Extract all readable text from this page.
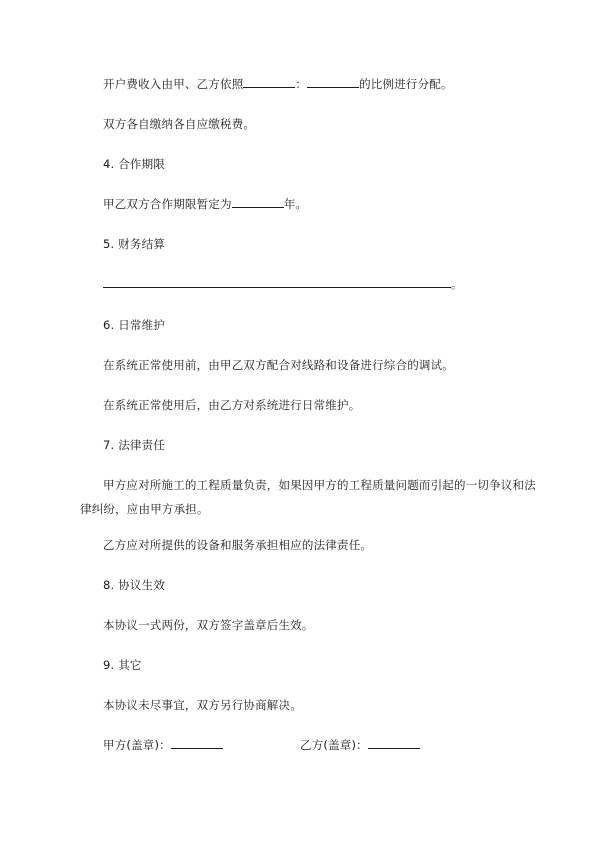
开户费收入由甲、乙方依照	：	的比例进行分配。
双方各自缴纳各自应缴税费。
4. 合作期限
甲乙双方合作期限暂定为	年。
5. 财务结算
。
6. 日常维护
在系统正常使用前，由甲乙双方配合对线路和设备进行综合的调试。
在系统正常使用后，由乙方对系统进行日常维护。
7. 法律责任
甲方应对所施工的工程质量负责，如果因甲方的工程质量问题而引起的一切争议和法律纠纷，应由甲方承担。
乙方应对所提供的设备和服务承担相应的法律责任。
8. 协议生效
本协议一式两份，双方签字盖章后生效。
9. 其它
本协议未尽事宜，双方另行协商解决。
甲方(盖章)：	乙方(盖章)：
